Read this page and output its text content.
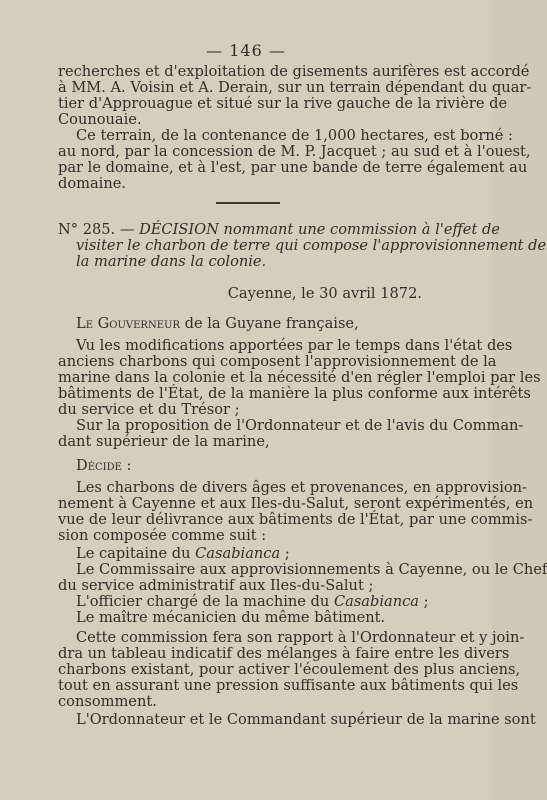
— 146 —
recherches et d'exploitation de gisements aurifères est accordé
à MM. A. Voisin et A. Derain, sur un terrain dépendant du quar-
tier d'Approuague et situé sur la rive gauche de la rivière de
Counouaie.
Ce terrain, de la contenance de 1,000 hectares, est borné :
au nord, par la concession de M. P. Jacquet ; au sud et à l'ouest,
par le domaine, et à l'est, par une bande de terre également au
domaine.
N° 285. — DÉCISION nommant une commission à l'effet de
visiter le charbon de terre qui compose l'approvisionnement de
la marine dans la colonie.
Cayenne, le 30 avril 1872.
Le Gouverneur de la Guyane française,
Vu les modifications apportées par le temps dans l'état des
anciens charbons qui composent l'approvisionnement de la
marine dans la colonie et la nécessité d'en régler l'emploi par les
bâtiments de l'État, de la manière la plus conforme aux intérêts
du service et du Trésor ;
Sur la proposition de l'Ordonnateur et de l'avis du Comman-
dant supérieur de la marine,
Décide :
Les charbons de divers âges et provenances, en approvision-
nement à Cayenne et aux Iles-du-Salut, seront expérimentés, en
vue de leur délivrance aux bâtiments de l'État, par une commis-
sion composée comme suit :
Le capitaine du Casabianca ;
Le Commissaire aux approvisionnements à Cayenne, ou le Chef
du service administratif aux Iles-du-Salut ;
L'officier chargé de la machine du Casabianca ;
Le maître mécanicien du même bâtiment.
Cette commission fera son rapport à l'Ordonnateur et y join-
dra un tableau indicatif des mélanges à faire entre les divers
charbons existant, pour activer l'écoulement des plus anciens,
tout en assurant une pression suffisante aux bâtiments qui les
consomment.
L'Ordonnateur et le Commandant supérieur de la marine sont
